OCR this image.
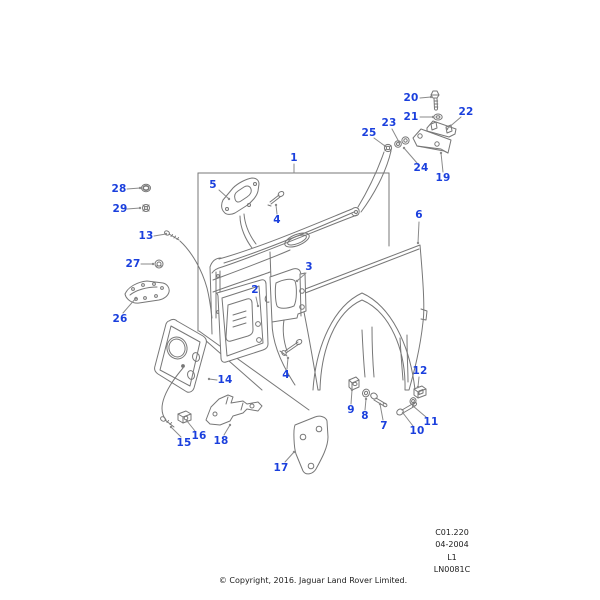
1
2
3
4
4
5
6
7
8
9
10
11
12
13
14
15
16
17
18
19
20
21	22
23
24
25
26
27
28
29
C01.220
04-2004
L1
LN0081C
© Copyright, 2016. Jaguar Land Rover Limited.
